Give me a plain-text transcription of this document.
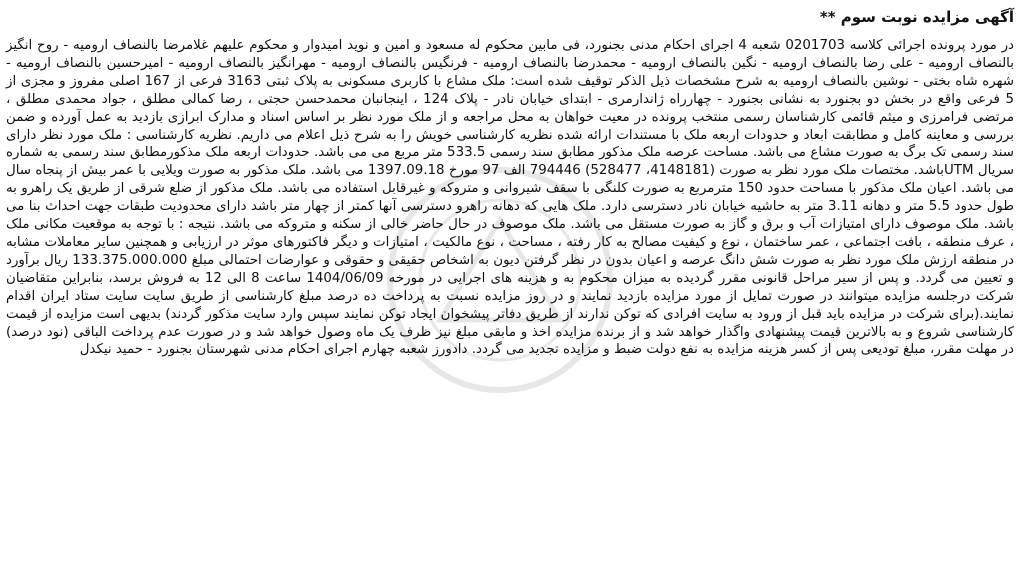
آگهی مزایده نوبت سوم **

در مورد پرونده اجرائی کلاسه 0201703 شعبه 4 اجرای احکام مدنی بجنورد، فی مابین محکوم له مسعود و امین و نوید امیدوار و محکوم علیهم غلامرضا بالنصاف ارومیه - روح انگیز بالنصاف ارومیه - علی رضا بالنصاف ارومیه - نگین بالنصاف ارومیه - محمدرضا بالنصاف ارومیه - فرنگیس بالنصاف ارومیه - مهرانگیز بالنصاف ارومیه - امیرحسین بالنصاف ارومیه - شهره شاه بختی - نوشین بالنصاف ارومیه به شرح مشخصات ذیل الذکر توقیف شده است: ملک مشاع با کاربری مسکونی به پلاک ثبتی 3163 فرعی از 167 اصلی مفروز و مجزی از 5 فرعی واقع در بخش دو بجنورد به نشانی بجنورد - چهارراه ژاندارمری - ابتدای خیابان نادر - پلاک 124 ، اینجانبان محمدحسن حجتی ، رضا کمالی مطلق ، جواد محمدی مطلق ، مرتضی فرامرزی و میثم قائمی کارشناسان رسمی منتخب پرونده در معیت خواهان به محل مراجعه و از ملک مورد نظر بر اساس اسناد و مدارک ابرازی بازدید به عمل آورده و ضمن بررسی و معاینه کامل و مطابقت ابعاد و حدودات اربعه ملک با مستندات ارائه شده نظریه کارشناسی خویش را به شرح ذیل اعلام می داریم. نظریه کارشناسی : ملک مورد نظر دارای سند رسمی تک برگ به صورت مشاع می باشد. مساحت عرصه ملک مذکور مطابق سند رسمی 533.5 متر مربع می می باشد. حدودات اربعه ملک مذکورمطابق سند رسمی به شماره سریال UTMباشد. مختصات ملک مورد نظر به صورت (4148181، 528477) 794446 الف 97 مورخ 1397.09.18 می باشد. ملک مذکور به صورت ویلایی با عمر بیش از پنجاه سال می باشد. اعیان ملک مذکور با مساحت حدود 150 مترمربع به صورت کلنگی با سقف شیروانی و متروکه و غیرقابل استفاده می باشد. ملک مذکور از ضلع شرقی از طریق یک راهرو به طول حدود 5.5 متر و دهانه 3.11 متر به حاشیه خیابان نادر دسترسی دارد. ملک هایی که دهانه راهرو دسترسی آنها کمتر از چهار متر باشد دارای محدودیت طبقات جهت احداث بنا می باشد. ملک موصوف دارای امتیازات آب و برق و گاز به صورت مستقل می باشد. ملک موصوف در حال حاضر خالی از سکنه و متروکه می باشد. نتیجه : با توجه به موقعیت مکانی ملک ، عرف منطقه ، بافت اجتماعی ، عمر ساختمان ، نوع و کیفیت مصالح به کار رفته ، مساحت ، نوع مالکیت ، امتیازات و دیگر فاکتورهای موثر در ارزیابی و همچنین سایر معاملات مشابه در منطقه ارزش ملک مورد نظر به صورت شش دانگ عرصه و اعیان بدون در نظر گرفتن دیون به اشخاص حقیقی و حقوقی و عوارضات احتمالی مبلغ 133.375.000.000 ریال برآورد و تعیین می گردد. و پس از سیر مراحل قانونی مقرر گردیده به میزان محکوم به و هزینه های اجرایی در مورخه 1404/06/09 ساعت 8 الی 12 به فروش برسد، بنابراین متقاضیان شرکت درجلسه مزایده میتوانند در صورت تمایل از مورد مزایده بازدید نمایند و در روز مزایده نسبت به پرداخت ده درصد مبلغ کارشناسی از طریق سایت سایت ستاد ایران اقدام نمایند.(برای شرکت در مزایده باید قبل از ورود به سایت افرادی که توکن ندارند از طریق دفاتر پیشخوان ایجاد توکن نمایند سپس وارد سایت مذکور گردند) بدیهی است مزایده از قیمت کارشناسی شروع و به بالاترین قیمت پیشنهادی واگذار خواهد شد و از برنده مزایده اخذ و مابقی مبلغ نیز ظرف یک ماه وصول خواهد شد و در صورت عدم پرداخت الباقی (نود درصد) در مهلت مقرر، مبلغ تودیعی پس از کسر هزینه مزایده به نفع دولت ضبط و مزایده تجدید می گردد. دادورز شعبه چهارم اجرای احکام مدنی شهرستان بجنورد - حمید نیکدل
